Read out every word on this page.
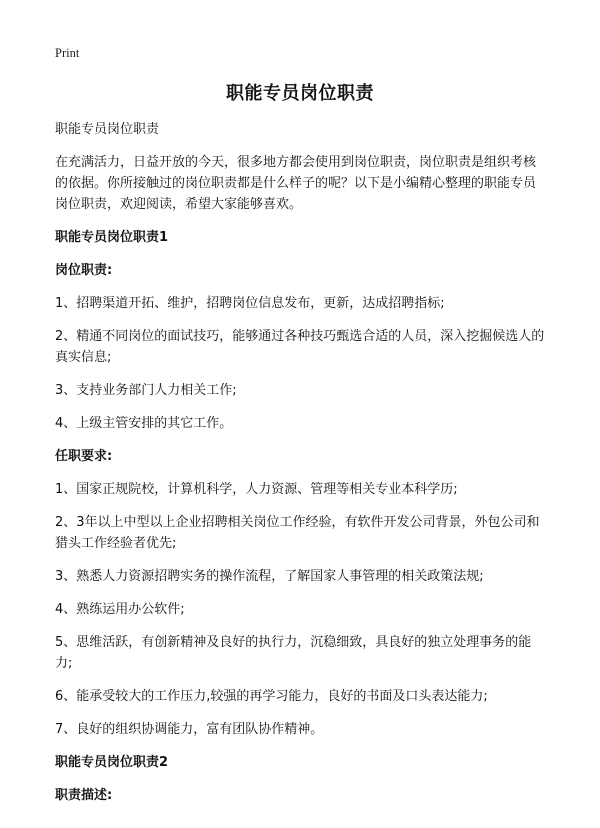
Print
职能专员岗位职责
职能专员岗位职责
在充满活力，日益开放的今天，很多地方都会使用到岗位职责，岗位职责是组织考核的依据。你所接触过的岗位职责都是什么样子的呢？以下是小编精心整理的职能专员岗位职责，欢迎阅读，希望大家能够喜欢。
职能专员岗位职责1
岗位职责:
1、招聘渠道开拓、维护，招聘岗位信息发布，更新，达成招聘指标;
2、精通不同岗位的面试技巧，能够通过各种技巧甄选合适的人员，深入挖掘候选人的真实信息;
3、支持业务部门人力相关工作;
4、上级主管安排的其它工作。
任职要求:
1、国家正规院校，计算机科学，人力资源、管理等相关专业本科学历;
2、3年以上中型以上企业招聘相关岗位工作经验，有软件开发公司背景，外包公司和猎头工作经验者优先;
3、熟悉人力资源招聘实务的操作流程，了解国家人事管理的相关政策法规;
4、熟练运用办公软件;
5、思维活跃，有创新精神及良好的执行力，沉稳细致，具良好的独立处理事务的能力;
6、能承受较大的工作压力,较强的再学习能力，良好的书面及口头表达能力;
7、良好的组织协调能力，富有团队协作精神。
职能专员岗位职责2
职责描述:
